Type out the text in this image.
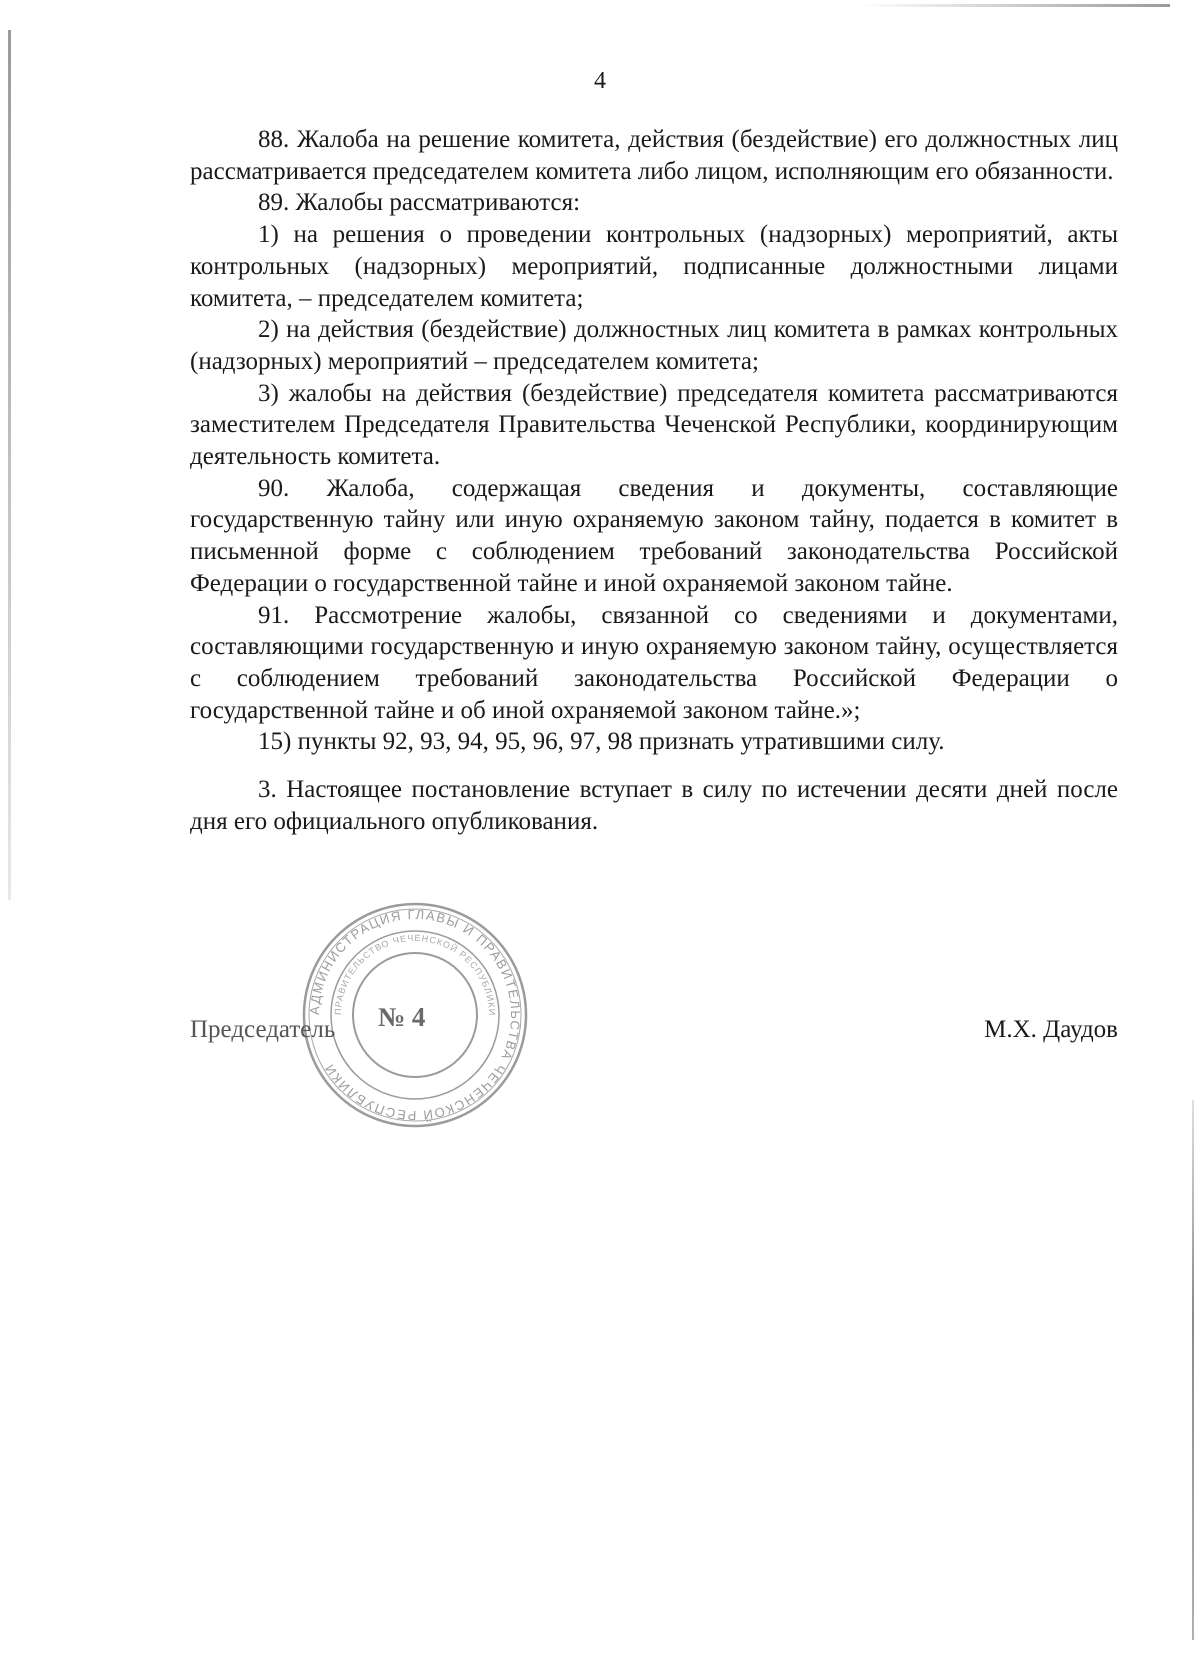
4

88. Жалоба на решение комитета, действия (бездействие) его должностных лиц рассматривается председателем комитета либо лицом, исполняющим его обязанности.

89. Жалобы рассматриваются:

1) на решения о проведении контрольных (надзорных) мероприятий, акты контрольных (надзорных) мероприятий, подписанные должностными лицами комитета, – председателем комитета;

2) на действия (бездействие) должностных лиц комитета в рамках контрольных (надзорных) мероприятий – председателем комитета;

3) жалобы на действия (бездействие) председателя комитета рассматриваются заместителем Председателя Правительства Чеченской Республики, координирующим деятельность комитета.

90. Жалоба, содержащая сведения и документы, составляющие государственную тайну или иную охраняемую законом тайну, подается в комитет в письменной форме с соблюдением требований законодательства Российской Федерации о государственной тайне и иной охраняемой законом тайне.

91. Рассмотрение жалобы, связанной со сведениями и документами, составляющими государственную и иную охраняемую законом тайну, осуществляется с соблюдением требований законодательства Российской Федерации о государственной тайне и об иной охраняемой законом тайне.»;

15) пункты 92, 93, 94, 95, 96, 97, 98 признать утратившими силу.

3. Настоящее постановление вступает в силу по истечении десяти дней после дня его официального опубликования.

АДМИНИСТРАЦИЯ ГЛАВЫ И ПРАВИТЕЛЬСТВА ЧЕЧЕНСКОЙ РЕСПУБЛИКИ
ПРАВИТЕЛЬСТВО ЧЕЧЕНСКОЙ РЕСПУБЛИКИ
№ 4
Председатель	М.Х. Даудов
